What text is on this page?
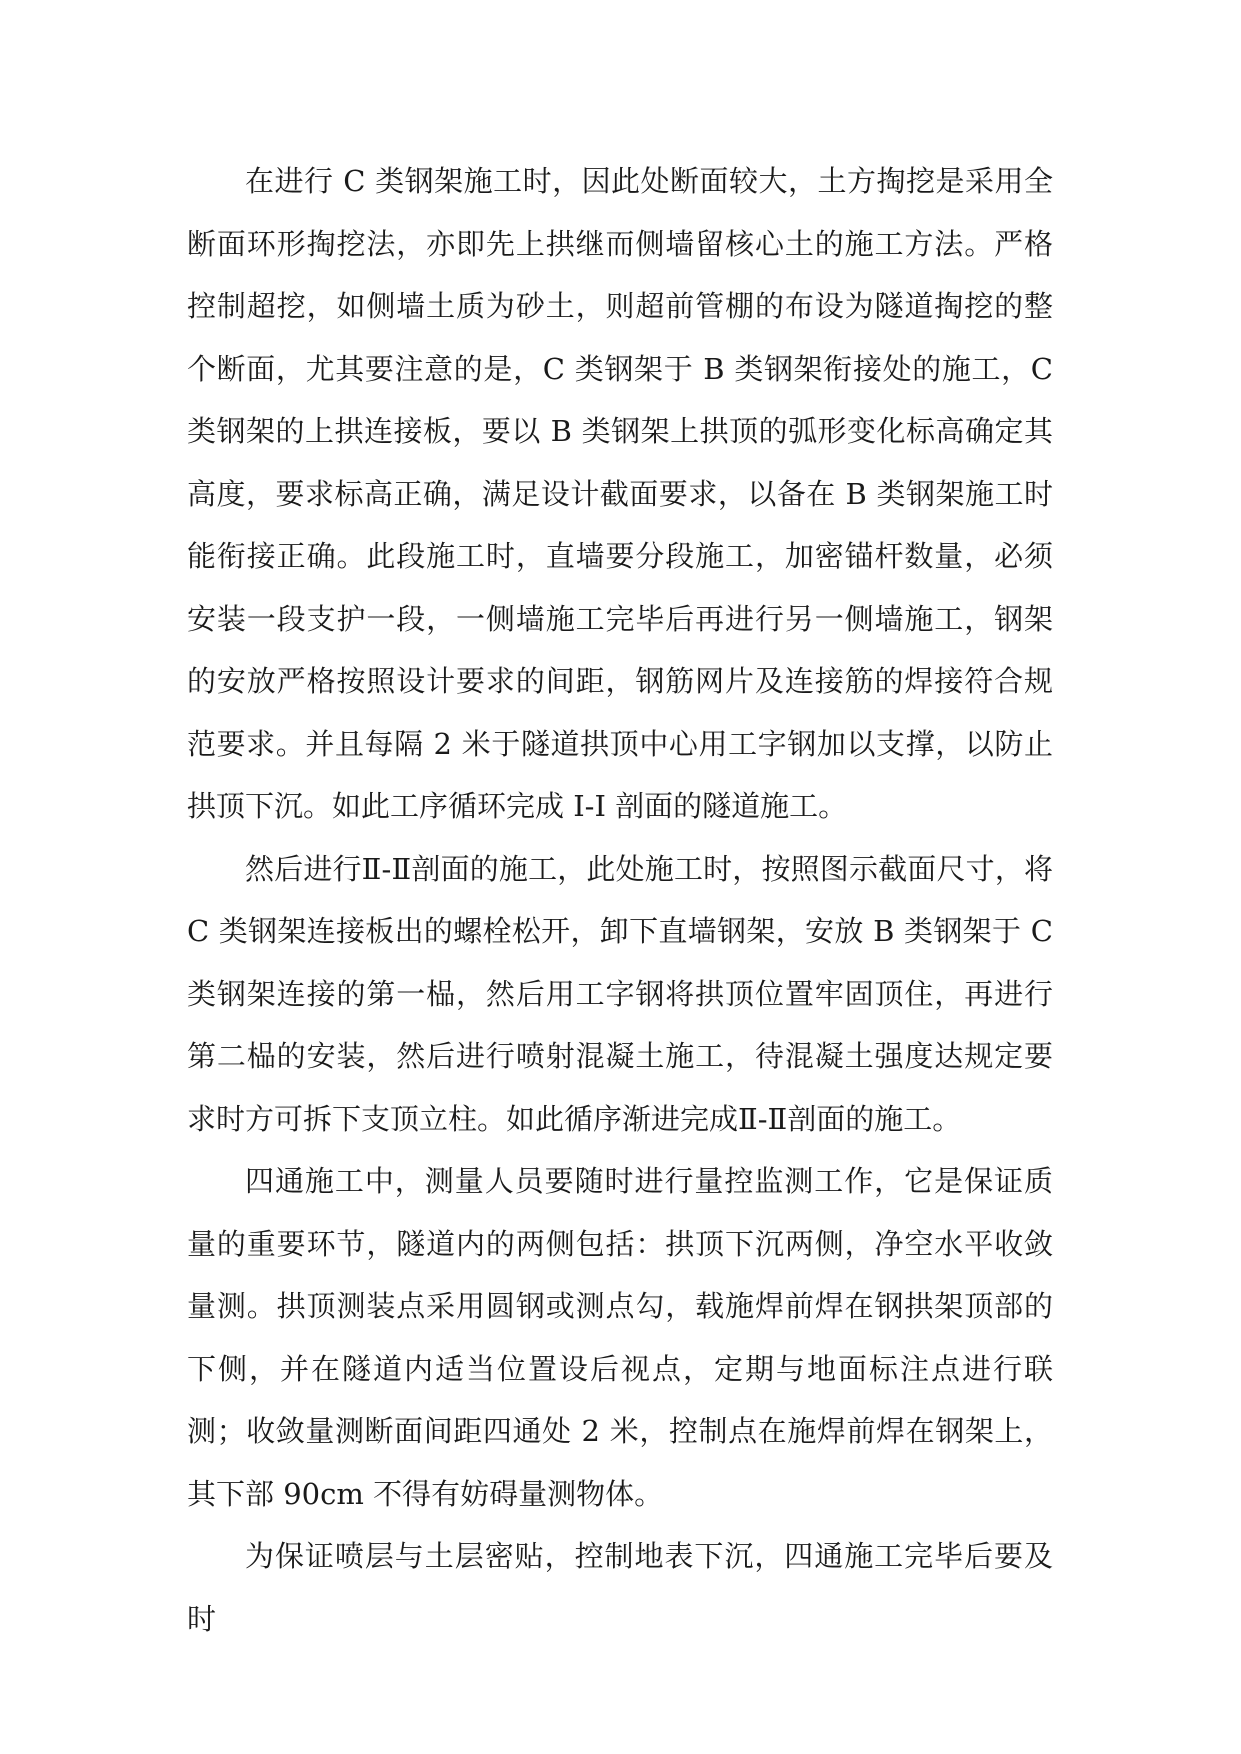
在进行 C 类钢架施工时，因此处断面较大，土方掏挖是采用全断面环形掏挖法，亦即先上拱继而侧墙留核心土的施工方法。严格控制超挖，如侧墙土质为砂土，则超前管棚的布设为隧道掏挖的整个断面，尤其要注意的是，C 类钢架于 B 类钢架衔接处的施工，C 类钢架的上拱连接板，要以 B 类钢架上拱顶的弧形变化标高确定其高度，要求标高正确，满足设计截面要求，以备在 B 类钢架施工时能衔接正确。此段施工时，直墙要分段施工，加密锚杆数量，必须安装一段支护一段，一侧墙施工完毕后再进行另一侧墙施工，钢架的安放严格按照设计要求的间距，钢筋网片及连接筋的焊接符合规范要求。并且每隔 2 米于隧道拱顶中心用工字钢加以支撑，以防止拱顶下沉。如此工序循环完成 I-I 剖面的隧道施工。

然后进行Ⅱ-Ⅱ剖面的施工，此处施工时，按照图示截面尺寸，将 C 类钢架连接板出的螺栓松开，卸下直墙钢架，安放 B 类钢架于 C 类钢架连接的第一榀，然后用工字钢将拱顶位置牢固顶住，再进行第二榀的安装，然后进行喷射混凝土施工，待混凝土强度达规定要求时方可拆下支顶立柱。如此循序渐进完成Ⅱ-Ⅱ剖面的施工。

四通施工中，测量人员要随时进行量控监测工作，它是保证质量的重要环节，隧道内的两侧包括：拱顶下沉两侧，净空水平收敛量测。拱顶测装点采用圆钢或测点勾，载施焊前焊在钢拱架顶部的下侧，并在隧道内适当位置设后视点，定期与地面标注点进行联测；收敛量测断面间距四通处 2 米，控制点在施焊前焊在钢架上，其下部 90cm 不得有妨碍量测物体。

为保证喷层与土层密贴，控制地表下沉，四通施工完毕后要及时
